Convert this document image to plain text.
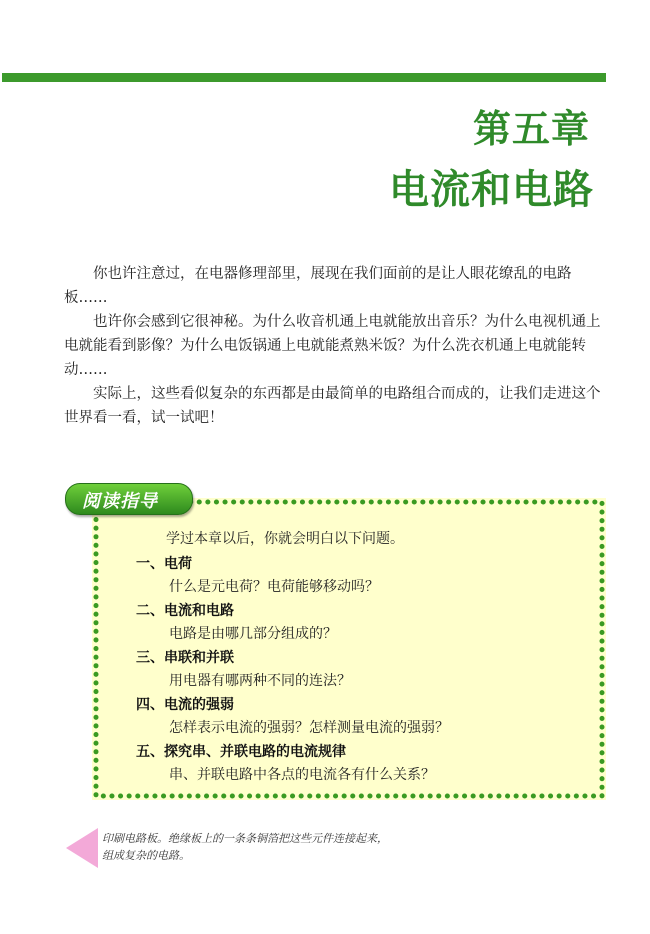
第五章
电流和电路

你也许注意过，在电器修理部里，展现在我们面前的是让人眼花缭乱的电路板……

也许你会感到它很神秘。为什么收音机通上电就能放出音乐？为什么电视机通上电就能看到影像？为什么电饭锅通上电就能煮熟米饭？为什么洗衣机通上电就能转动……

实际上，这些看似复杂的东西都是由最简单的电路组合而成的，让我们走进这个世界看一看，试一试吧！

阅读指导
学过本章以后，你就会明白以下问题。
一、电荷
什么是元电荷？电荷能够移动吗？
二、电流和电路
电路是由哪几部分组成的？
三、串联和并联
用电器有哪两种不同的连法？
四、电流的强弱
怎样表示电流的强弱？怎样测量电流的强弱？
五、探究串、并联电路的电流规律
串、并联电路中各点的电流各有什么关系？

印刷电路板。绝缘板上的一条条铜箔把这些元件连接起来，

组成复杂的电路。
